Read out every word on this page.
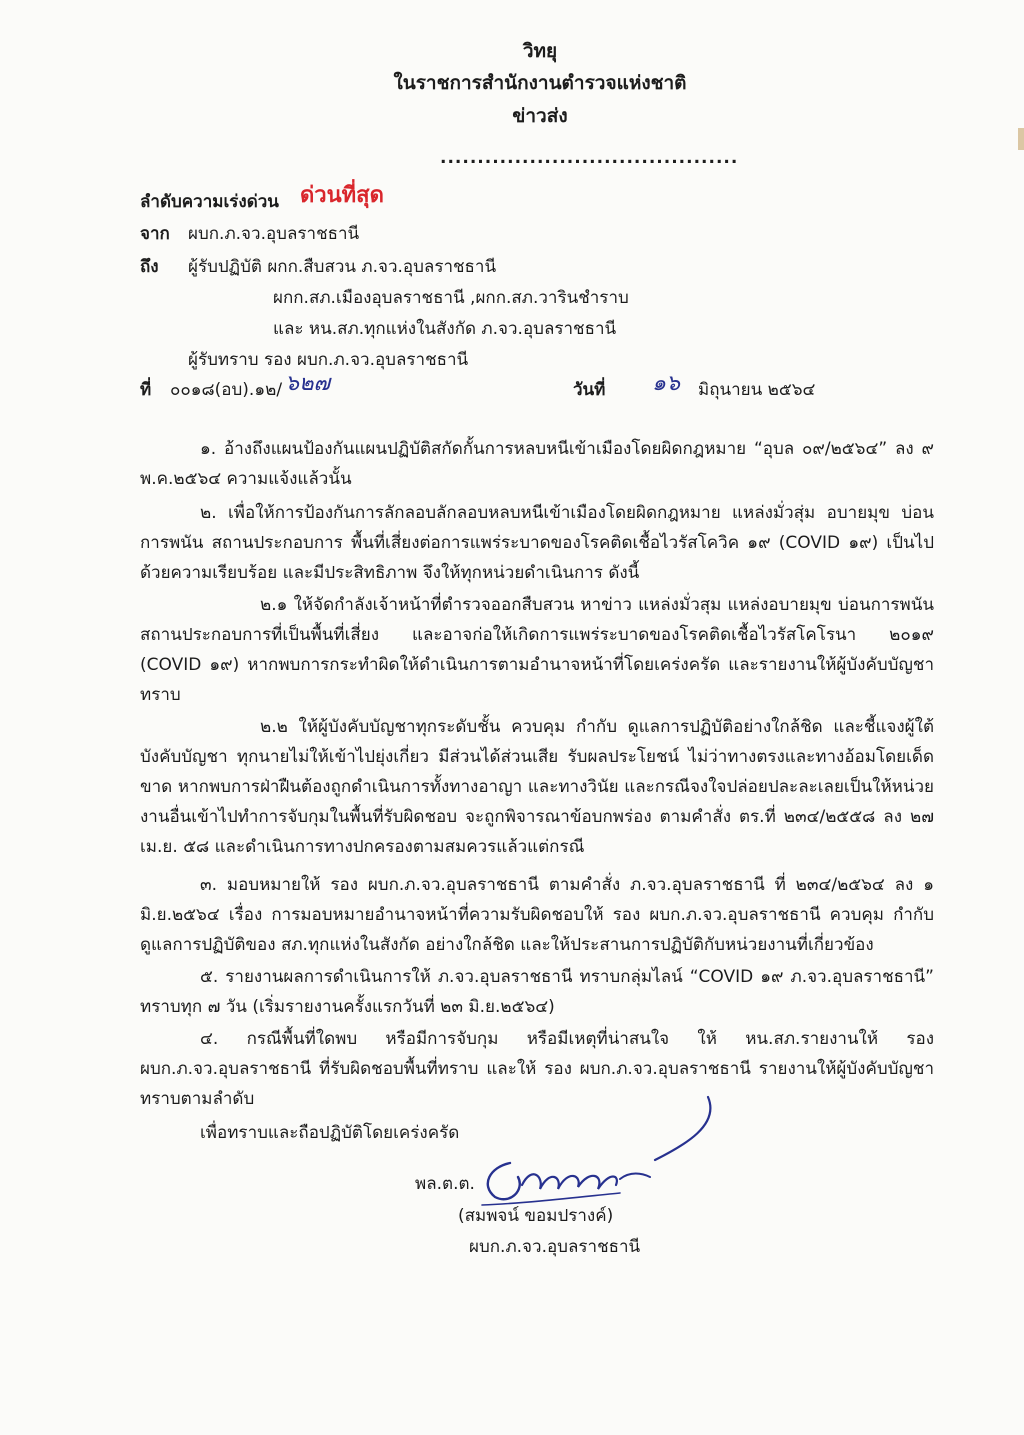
วิทยุ
ในราชการสำนักงานตำรวจแห่งชาติ
ข่าวส่ง
........................................
ลำดับความเร่งด่วน ด่วนที่สุด
จาก ผบก.ภ.จว.อุบลราชธานี
ถึง ผู้รับปฏิบัติ ผกก.สืบสวน ภ.จว.อุบลราชธานี
ผกก.สภ.เมืองอุบลราชธานี ,ผกก.สภ.วารินชำราบ
และ หน.สภ.ทุกแห่งในสังกัด ภ.จว.อุบลราชธานี
ผู้รับทราบ รอง ผบก.ภ.จว.อุบลราชธานี
ที่ ๐๐๑๘(อบ).๑๒/ ๖๒๗	วันที่ ๑๖ มิถุนายน ๒๕๖๔
๑. อ้างถึงแผนป้องกันแผนปฏิบัติสกัดกั้นการหลบหนีเข้าเมืองโดยผิดกฎหมาย “อุบล ๐๙/๒๕๖๔” ลง ๙ พ.ค.๒๕๖๔ ความแจ้งแล้วนั้น
๒. เพื่อให้การป้องกันการลักลอบลักลอบหลบหนีเข้าเมืองโดยผิดกฎหมาย แหล่งมั่วสุ่ม อบายมุข บ่อนการพนัน สถานประกอบการ พื้นที่เสี่ยงต่อการแพร่ระบาดของโรคติดเชื้อไวรัสโควิค ๑๙ (COVID ๑๙) เป็นไปด้วยความเรียบร้อย และมีประสิทธิภาพ จึงให้ทุกหน่วยดำเนินการ ดังนี้
๒.๑ ให้จัดกำลังเจ้าหน้าที่ตำรวจออกสืบสวน หาข่าว แหล่งมั่วสุม แหล่งอบายมุข บ่อนการพนัน สถานประกอบการที่เป็นพื้นที่เสี่ยง และอาจก่อให้เกิดการแพร่ระบาดของโรคติดเชื้อไวรัสโคโรนา ๒๐๑๙ (COVID ๑๙) หากพบการกระทำผิดให้ดำเนินการตามอำนาจหน้าที่โดยเคร่งครัด และรายงานให้ผู้บังคับบัญชาทราบ
๒.๒ ให้ผู้บังคับบัญชาทุกระดับชั้น ควบคุม กำกับ ดูแลการปฏิบัติอย่างใกล้ชิด และชี้แจงผู้ใต้บังคับบัญชา ทุกนายไม่ให้เข้าไปยุ่งเกี่ยว มีส่วนได้ส่วนเสีย รับผลประโยชน์ ไม่ว่าทางตรงและทางอ้อมโดยเด็ดขาด หากพบการฝ่าฝืนต้องถูกดำเนินการทั้งทางอาญา และทางวินัย และกรณีจงใจปล่อยปละละเลยเป็นให้หน่วยงานอื่นเข้าไปทำการจับกุมในพื้นที่รับผิดชอบ จะถูกพิจารณาข้อบกพร่อง ตามคำสั่ง ตร.ที่ ๒๓๔/๒๕๕๘ ลง ๒๗ เม.ย. ๕๘ และดำเนินการทางปกครองตามสมควรแล้วแต่กรณี
๓. มอบหมายให้ รอง ผบก.ภ.จว.อุบลราชธานี ตามคำสั่ง ภ.จว.อุบลราชธานี ที่ ๒๓๔/๒๕๖๔ ลง ๑ มิ.ย.๒๕๖๔ เรื่อง การมอบหมายอำนาจหน้าที่ความรับผิดชอบให้ รอง ผบก.ภ.จว.อุบลราชธานี ควบคุม กำกับดูแลการปฏิบัติของ สภ.ทุกแห่งในสังกัด อย่างใกล้ชิด และให้ประสานการปฏิบัติกับหน่วยงานที่เกี่ยวข้อง
๕. รายงานผลการดำเนินการให้ ภ.จว.อุบลราชธานี ทราบกลุ่มไลน์ “COVID ๑๙ ภ.จว.อุบลราชธานี” ทราบทุก ๗ วัน (เริ่มรายงานครั้งแรกวันที่ ๒๓ มิ.ย.๒๕๖๔)
๔. กรณีพื้นที่ใดพบ หรือมีการจับกุม หรือมีเหตุที่น่าสนใจ ให้ หน.สภ.รายงานให้ รอง ผบก.ภ.จว.อุบลราชธานี ที่รับผิดชอบพื้นที่ทราบ และให้ รอง ผบก.ภ.จว.อุบลราชธานี รายงานให้ผู้บังคับบัญชาทราบตามลำดับ
เพื่อทราบและถือปฏิบัติโดยเคร่งครัด
พล.ต.ต.
(สมพจน์ ขอมปรางค์)
ผบก.ภ.จว.อุบลราชธานี
